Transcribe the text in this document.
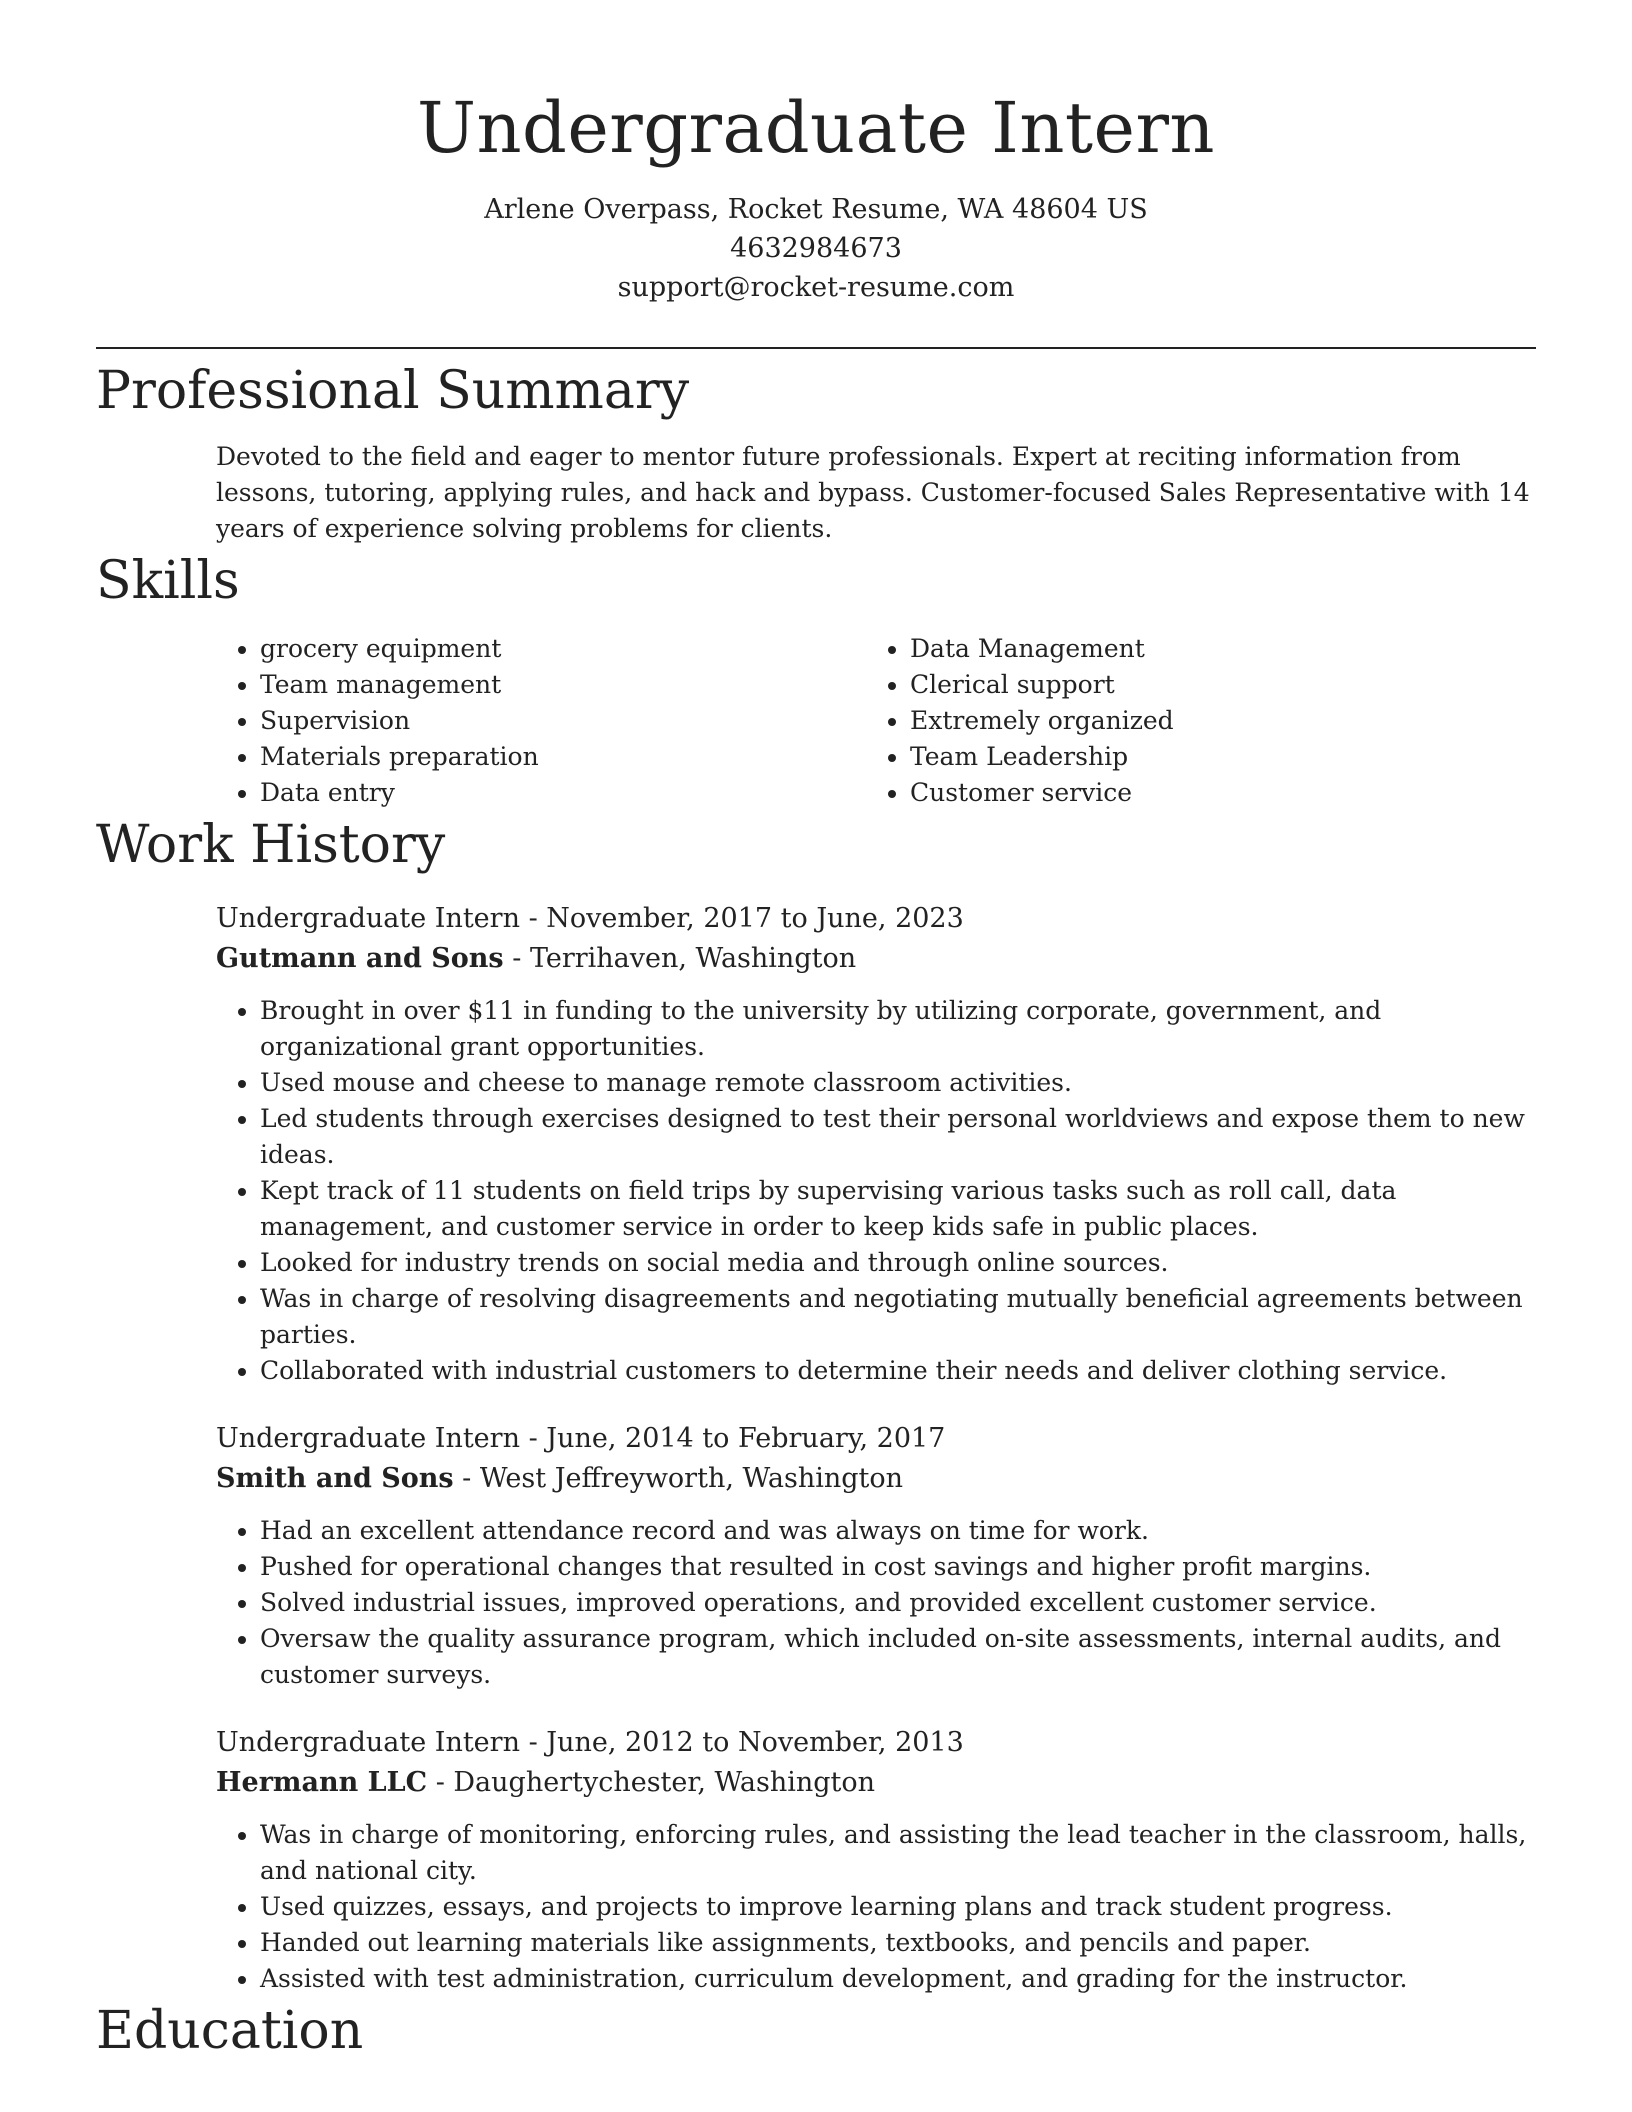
Undergraduate Intern
Arlene Overpass, Rocket Resume, WA 48604 US
4632984673
support@rocket-resume.com
Professional Summary

Devoted to the field and eager to mentor future professionals. Expert at reciting information from lessons, tutoring, applying rules, and hack and bypass. Customer-focused Sales Representative with 14 years of experience solving problems for clients.

Skills
• grocery equipment
• Team management
• Supervision
• Materials preparation
• Data entry
• Data Management
• Clerical support
• Extremely organized
• Team Leadership
• Customer service
Work History
Undergraduate Intern - November, 2017 to June, 2023
Gutmann and Sons - Terrihaven, Washington
• Brought in over $11 in funding to the university by utilizing corporate, government, and organizational grant opportunities.
• Used mouse and cheese to manage remote classroom activities.
• Led students through exercises designed to test their personal worldviews and expose them to new ideas.
• Kept track of 11 students on field trips by supervising various tasks such as roll call, data management, and customer service in order to keep kids safe in public places.
• Looked for industry trends on social media and through online sources.
• Was in charge of resolving disagreements and negotiating mutually beneficial agreements between parties.
• Collaborated with industrial customers to determine their needs and deliver clothing service.
Undergraduate Intern - June, 2014 to February, 2017
Smith and Sons - West Jeffreyworth, Washington
• Had an excellent attendance record and was always on time for work.
• Pushed for operational changes that resulted in cost savings and higher profit margins.
• Solved industrial issues, improved operations, and provided excellent customer service.
• Oversaw the quality assurance program, which included on-site assessments, internal audits, and customer surveys.
Undergraduate Intern - June, 2012 to November, 2013
Hermann LLC - Daughertychester, Washington
• Was in charge of monitoring, enforcing rules, and assisting the lead teacher in the classroom, halls, and national city.
• Used quizzes, essays, and projects to improve learning plans and track student progress.
• Handed out learning materials like assignments, textbooks, and pencils and paper.
• Assisted with test administration, curriculum development, and grading for the instructor.
Education
